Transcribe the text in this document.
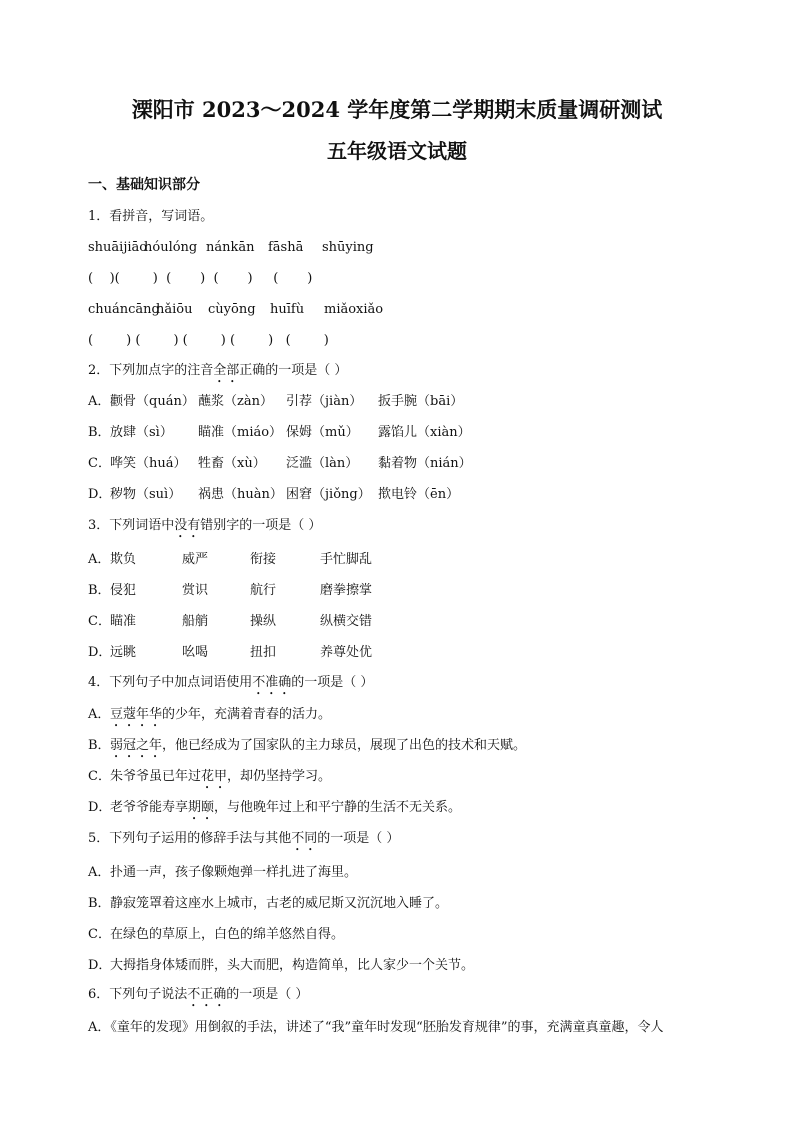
溧阳市 2023～2024 学年度第二学期期末质量调研测试
五年级语文试题
一、基础知识部分
1．看拼音，写词语。
shuāijiāohóulóng nánkān fāshā shūying
(    )(        )  (       )  (       )     (       )
chuáncānghǎiōu cùyōng huīfù miǎoxiǎo
(        ) (        ) (        ) (        )   (        )
2．下列加点字的注音全部正确的一项是（ ）
A．颧骨（quán） 蘸浆（zàn） 引荐（jiàn） 扳手腕（bāi）
B．放肆（sì） 瞄准（miáo） 保姆（mǔ） 露馅儿（xiàn）
C．哗笑（huá） 牲畜（xù） 泛滥（làn） 黏着物（nián）
D．秽物（suì） 祸患（huàn） 困窘（jiǒng） 揿电铃（ēn）
3．下列词语中没有错别字的一项是（ ）
A．欺负	威严	衔接	手忙脚乱
B．侵犯	赏识	航行	磨拳擦掌
C．瞄准	船艄	操纵	纵横交错
D．远眺	吆喝	扭扣	养尊处优
4．下列句子中加点词语使用不准确的一项是（ ）
A．豆蔻年华的少年，充满着青春的活力。
B．弱冠之年，他已经成为了国家队的主力球员，展现了出色的技术和天赋。
C．朱爷爷虽已年过花甲，却仍坚持学习。
D．老爷爷能寿享期颐，与他晚年过上和平宁静的生活不无关系。
5．下列句子运用的修辞手法与其他不同的一项是（ ）
A．扑通一声，孩子像颗炮弹一样扎进了海里。
B．静寂笼罩着这座水上城市，古老的威尼斯又沉沉地入睡了。
C．在绿色的草原上，白色的绵羊悠然自得。
D．大拇指身体矮而胖，头大而肥，构造简单，比人家少一个关节。
6．下列句子说法不正确的一项是（ ）
A．《童年的发现》用倒叙的手法，讲述了“我”童年时发现“胚胎发育规律”的事，充满童真童趣，令人
